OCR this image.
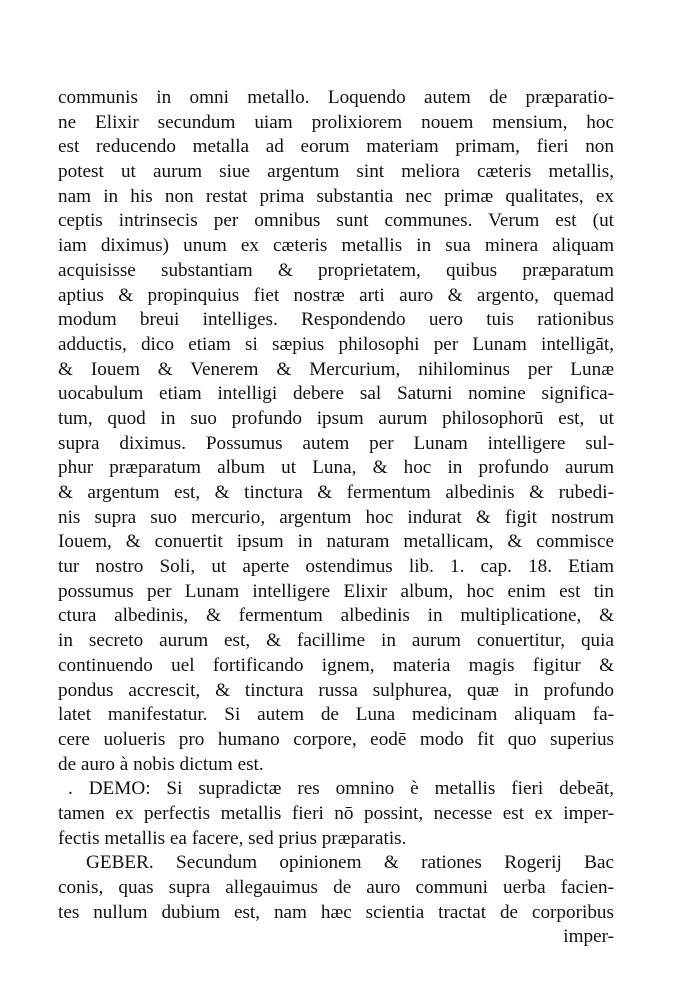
communis in omni metallo. Loquendo autem de præparatio-
ne Elixir secundum uiam prolixiorem nouem mensium, hoc
est reducendo metalla ad eorum materiam primam, fieri non
potest ut aurum siue argentum sint meliora cæteris metallis,
nam in his non restat prima substantia nec primæ qualitates, ex
ceptis intrinsecis per omnibus sunt communes. Verum est (ut
iam diximus) unum ex cæteris metallis in sua minera aliquam
acquisisse substantiam & proprietatem, quibus præparatum
aptius & propinquius fiet nostræ arti auro & argento, quemad
modum breui intelliges. Respondendo uero tuis rationibus
adductis, dico etiam si sæpius philosophi per Lunam intelligāt,
& Iouem & Venerem & Mercurium, nihilominus per Lunæ
uocabulum etiam intelligi debere sal Saturni nomine significa-
tum, quod in suo profundo ipsum aurum philosophorū est, ut
supra diximus. Possumus autem per Lunam intelligere sul-
phur præparatum album ut Luna, & hoc in profundo aurum
& argentum est, & tinctura & fermentum albedinis & rubedi-
nis supra suo mercurio, argentum hoc indurat & figit nostrum
Iouem, & conuertit ipsum in naturam metallicam, & commisce
tur nostro Soli, ut aperte ostendimus lib. 1. cap. 18. Etiam
possumus per Lunam intelligere Elixir album, hoc enim est tin
ctura albedinis, & fermentum albedinis in multiplicatione, &
in secreto aurum est, & facillime in aurum conuertitur, quia
continuendo uel fortificando ignem, materia magis figitur &
pondus accrescit, & tinctura russa sulphurea, quæ in profundo
latet manifestatur. Si autem de Luna medicinam aliquam fa-
cere uolueris pro humano corpore, eodē modo fit quo superius
de auro à nobis dictum est.
. DEMO: Si supradictæ res omnino è metallis fieri debeāt,
tamen ex perfectis metallis fieri nō possint, necesse est ex imper-
fectis metallis ea facere, sed prius præparatis.
GEBER. Secundum opinionem & rationes Rogerij Bac
conis, quas supra allegauimus de auro communi uerba facien-
tes nullum dubium est, nam hæc scientia tractat de corporibus
imper-
